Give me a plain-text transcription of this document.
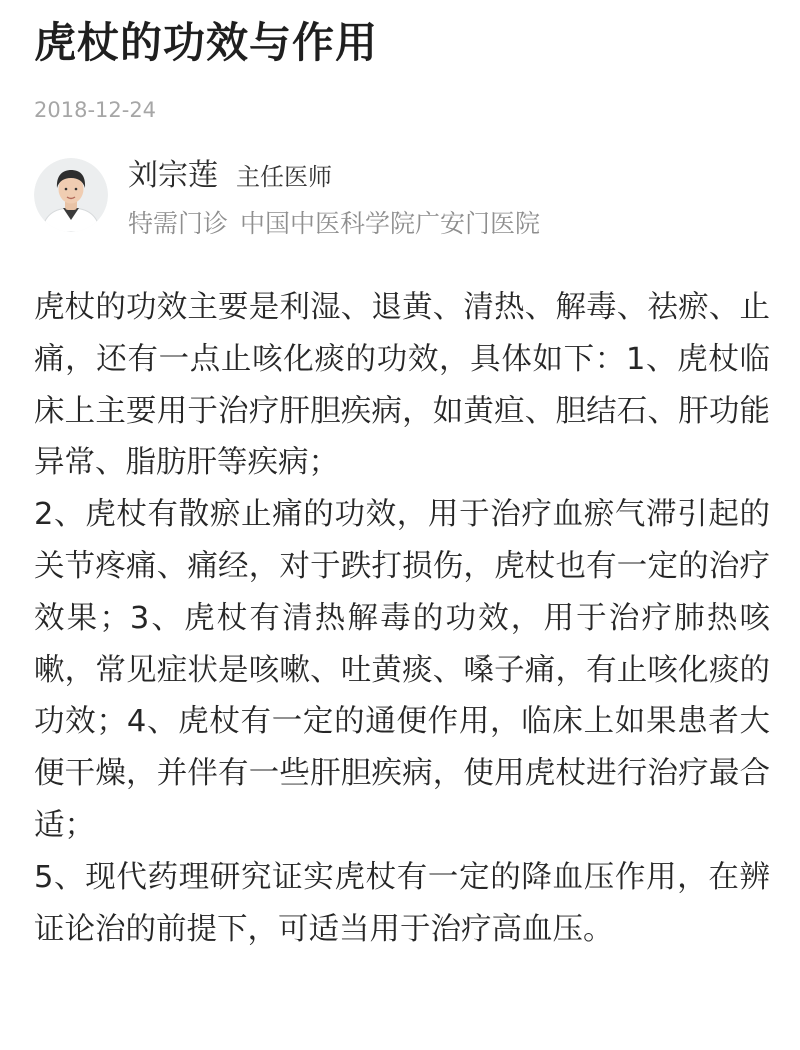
虎杖的功效与作用
2018-12-24
刘宗莲 主任医师
特需门诊 中国中医科学院广安门医院

虎杖的功效主要是利湿、退黄、清热、解毒、祛瘀、止痛，还有一点止咳化痰的功效，具体如下：1、虎杖临床上主要用于治疗肝胆疾病，如黄疸、胆结石、肝功能异常、脂肪肝等疾病；

2、虎杖有散瘀止痛的功效，用于治疗血瘀气滞引起的关节疼痛、痛经，对于跌打损伤，虎杖也有一定的治疗效果；3、虎杖有清热解毒的功效，用于治疗肺热咳嗽，常见症状是咳嗽、吐黄痰、嗓子痛，有止咳化痰的功效；4、虎杖有一定的通便作用，临床上如果患者大便干燥，并伴有一些肝胆疾病，使用虎杖进行治疗最合适；

5、现代药理研究证实虎杖有一定的降血压作用，在辨证论治的前提下，可适当用于治疗高血压。
